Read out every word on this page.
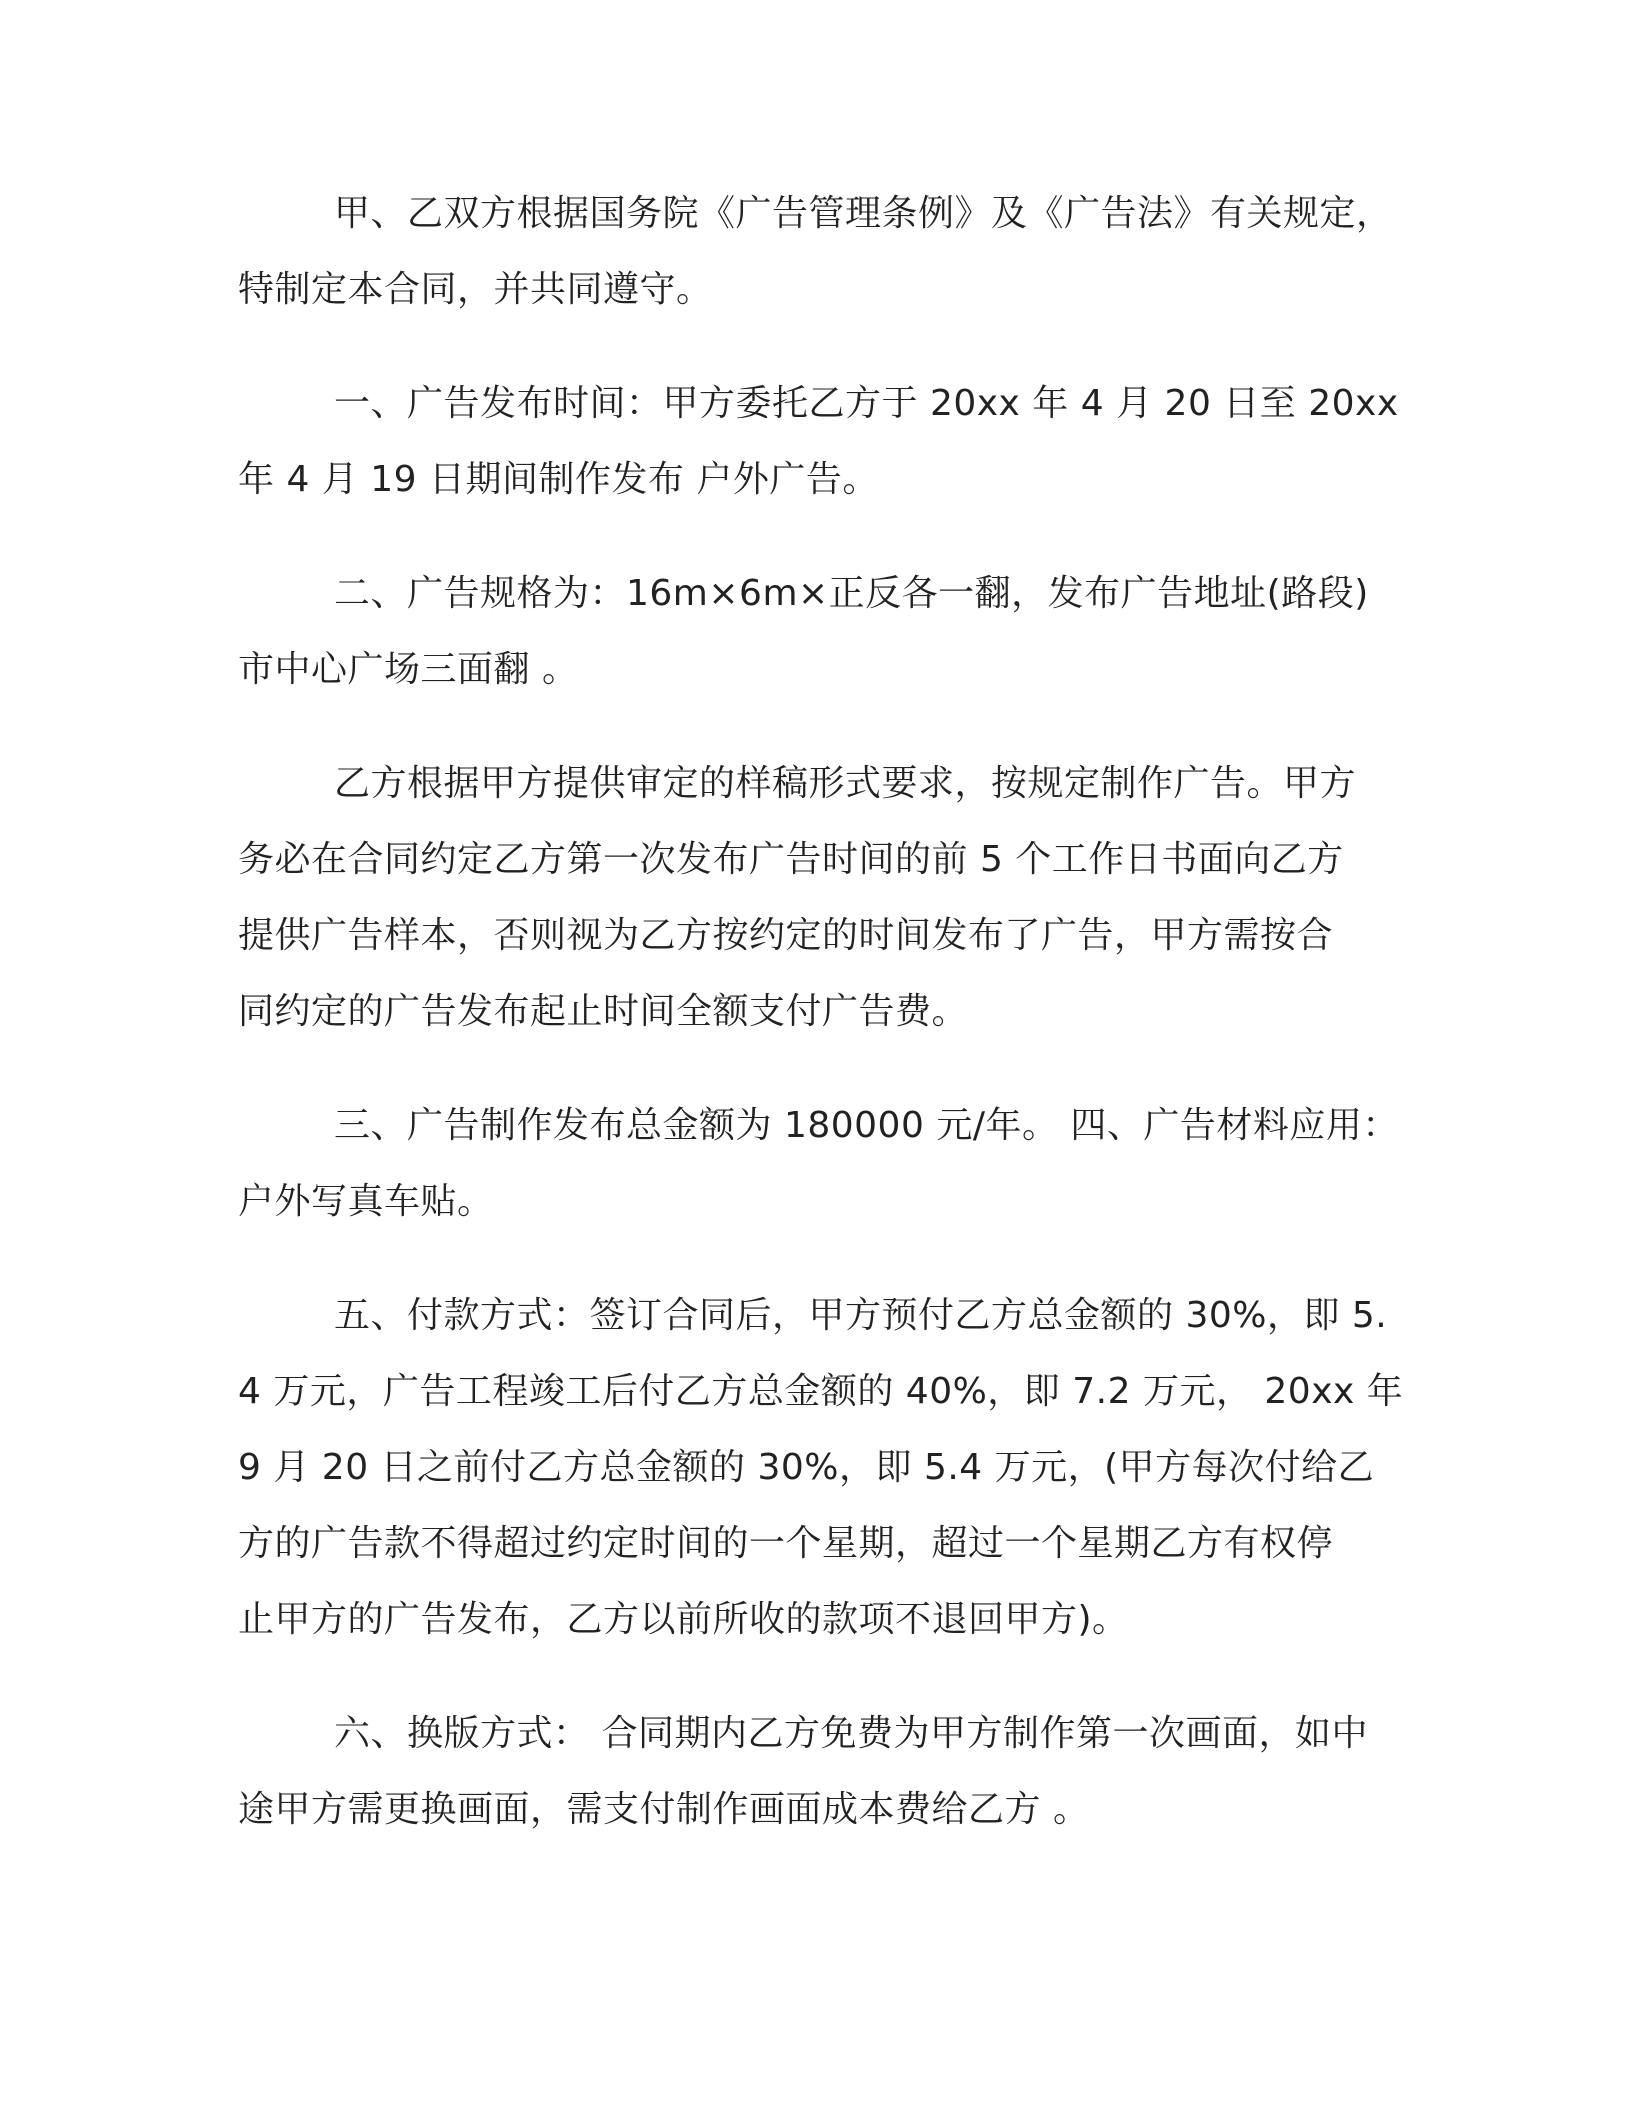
甲、乙双方根据国务院《广告管理条例》及《广告法》有关规定，
特制定本合同，并共同遵守。
一、广告发布时间：甲方委托乙方于 20xx 年 4 月 20 日至 20xx
年 4 月 19 日期间制作发布 户外广告。
二、广告规格为：16m×6m×正反各一翻，发布广告地址(路段)
市中心广场三面翻 。
乙方根据甲方提供审定的样稿形式要求，按规定制作广告。甲方
务必在合同约定乙方第一次发布广告时间的前 5 个工作日书面向乙方
提供广告样本，否则视为乙方按约定的时间发布了广告，甲方需按合
同约定的广告发布起止时间全额支付广告费。
三、广告制作发布总金额为 180000 元/年。 四、广告材料应用：
户外写真车贴。
五、付款方式：签订合同后，甲方预付乙方总金额的 30%，即 5.
4 万元，广告工程竣工后付乙方总金额的 40%，即 7.2 万元， 20xx 年
9 月 20 日之前付乙方总金额的 30%，即 5.4 万元，(甲方每次付给乙
方的广告款不得超过约定时间的一个星期，超过一个星期乙方有权停
止甲方的广告发布，乙方以前所收的款项不退回甲方)。
六、换版方式： 合同期内乙方免费为甲方制作第一次画面，如中
途甲方需更换画面，需支付制作画面成本费给乙方 。
